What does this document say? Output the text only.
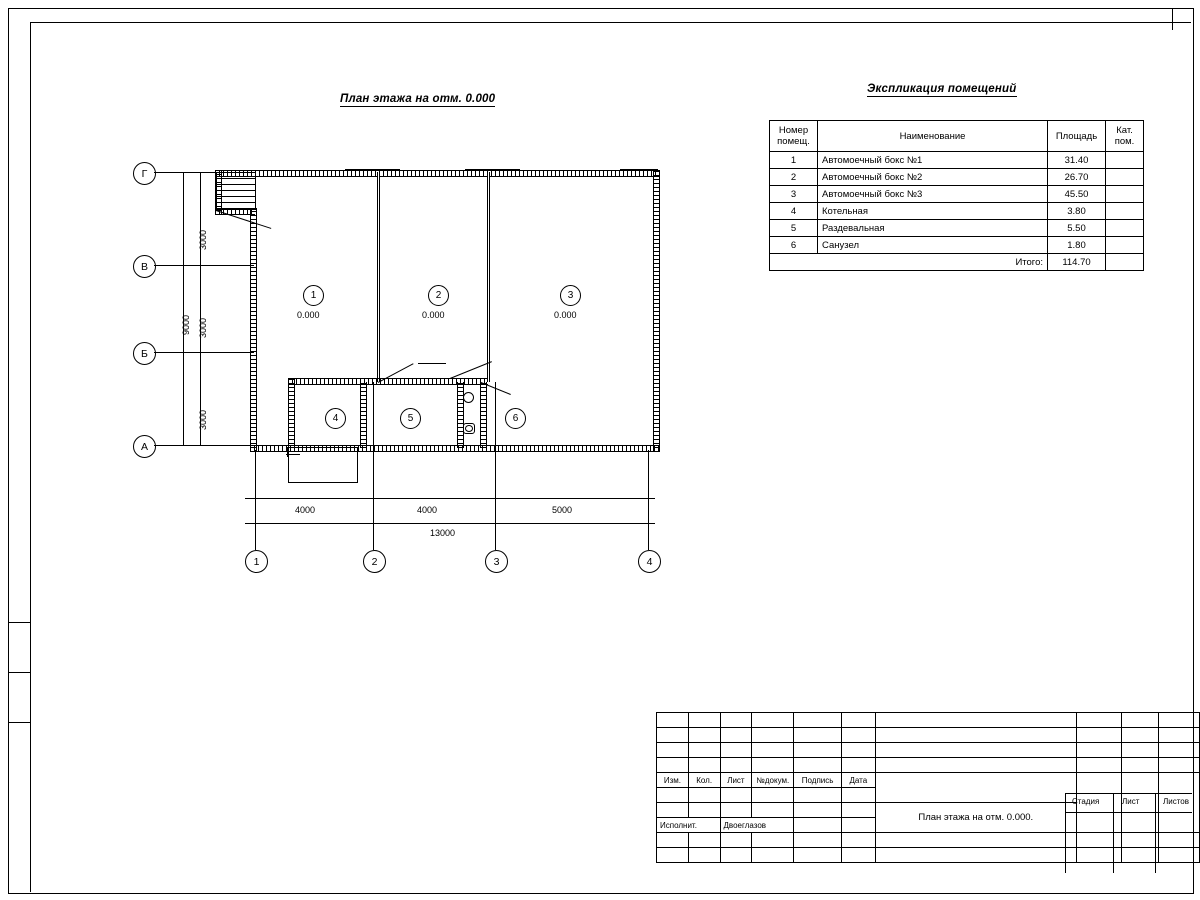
План этажа на отм. 0.000
Экспликация помещений
Номер
помещ.	Наименование	Площадь	Кат.
пом.

1	Автомоечный бокс №1	31.40	
2	Автомоечный бокс №2	26.70	
3	Автомоечный бокс №3	45.50	
4	Котельная	3.80	
5	Раздевальная	5.50	
6	Санузел	1.80	
Итого:		114.70	
1
0.000
2
0.000
3
0.000
4	5	6
Г
В
Б
А
3000
3000
3000
9000
1	2	3	4
4000	4000	5000
13000

Изм.	Кол.	Лист	№докум.	Подпись	Дата				

						План этажа на отм. 0.000.			
Исполнит.		Двоеглазов							

Стадия	Лист	Листов
